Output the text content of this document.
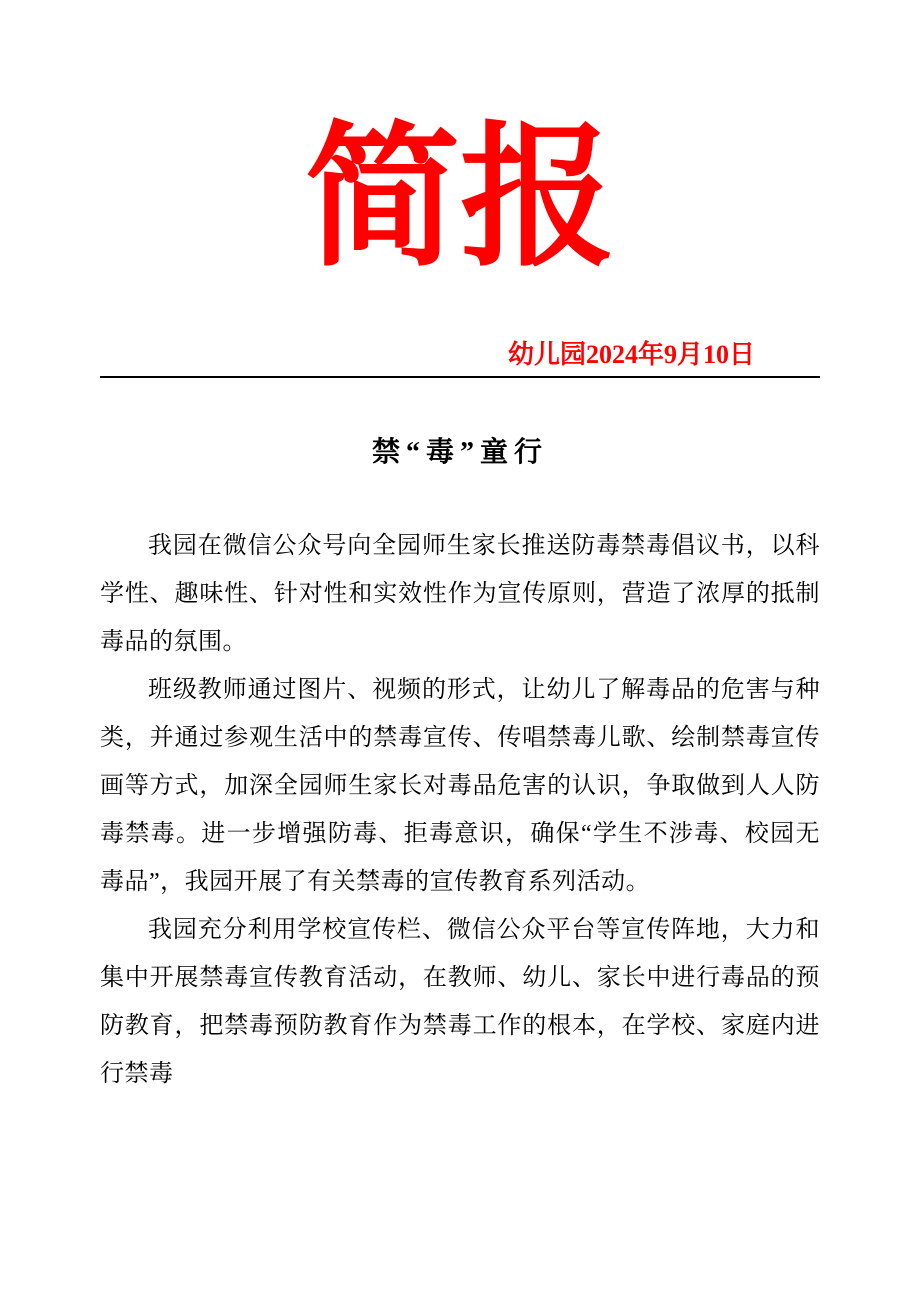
简报
幼儿园2024年9月10日
禁“毒”童行

我园在微信公众号向全园师生家长推送防毒禁毒倡议书，以科学性、趣味性、针对性和实效性作为宣传原则，营造了浓厚的抵制毒品的氛围。

班级教师通过图片、视频的形式，让幼儿了解毒品的危害与种类，并通过参观生活中的禁毒宣传、传唱禁毒儿歌、绘制禁毒宣传画等方式，加深全园师生家长对毒品危害的认识，争取做到人人防毒禁毒。进一步增强防毒、拒毒意识，确保“学生不涉毒、校园无毒品”，我园开展了有关禁毒的宣传教育系列活动。

我园充分利用学校宣传栏、微信公众平台等宣传阵地，大力和集中开展禁毒宣传教育活动，在教师、幼儿、家长中进行毒品的预防教育，把禁毒预防教育作为禁毒工作的根本，在学校、家庭内进行禁毒
